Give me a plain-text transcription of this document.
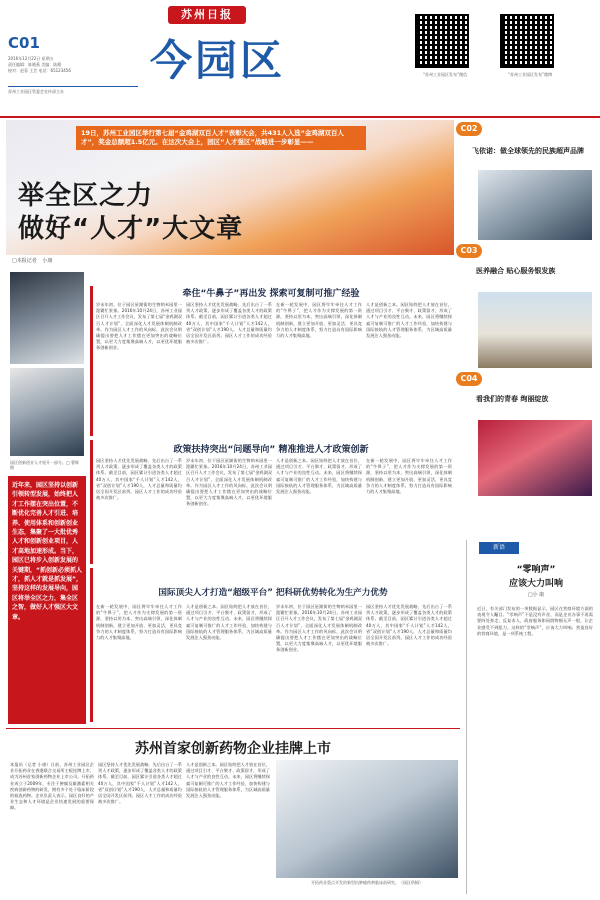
苏州日报
今园区
C01
2016年12月22日 星期五
责任编辑：陈晓燕 美编：陆健
校对：赵蓉 王芸 电话：65123456
苏州工业园区管委会宣传部主办
“苏州工业园区发布”微信	“苏州工业园区发布”微博
19日，苏州工业园区举行第七届“金鸡湖双百人才”表彰大会，共431人入选“金鸡湖双百人才”，奖金总额超1.5亿元。在这次大会上，园区“人才强区”战略进一步彰显——
举全区之力
做好“人才”大文章
□本报记者 小康
园区创新创业人才展开一部分。□ 曹辉 摄
近年来，园区坚持以创新引领转型发展，始终把人才工作摆在突出位置，不断优化完善人才引进、培养、使用体系和创新创业生态，集聚了一大批优秀人才和创新创业项目，人才高地加速形成。当下，园区已将步入创新发展的关键期，“抓创新必须抓人才，抓人才就是抓发展”，坚持这样的发展导向，园区将举全区之力，集全区之智，做好人才强区大文章。
牵住“牛鼻子”再出发 探索可复制可推广经验
岁末年初，位于园区星湖街的生物纳米园里一派繁忙景象。2016年10月24日，苏州工业园区召开人才工作会议，发布了第七届“金鸡湖双百人才计划”，全面深化人才发展体制机制改革。作为园区人才工作的风向标，此次会议明确提出要把人才工作摆在更加突出的战略位置，以更大力度集聚高端人才，以更优环境服务创新创业。
园区坚持人才优先发展战略，先后出台了一系列人才政策，逐步形成了覆盖各类人才的政策体系。截至目前，园区累计引进各类人才超过40万人，其中国家“千人计划”人才142人，省“双创计划”人才190人，人才总量和质量均居全国开发区前列。园区人才工作的成功经验被多次推广。
在新一轮发展中，园区将牢牢牵住人才工作的“牛鼻子”，把人才作为支撑发展的第一资源，坚持以用为本，突出高端引领，深化体制机制创新，建立更加开放、更加灵活、更具竞争力的人才制度体系，努力打造具有国际影响力的人才集聚高地。
人才是创新之本。园区始终把人才放在首位，通过项目引才、平台聚才、政策留才，形成了人才与产业的良性互动。未来，园区将继续探索可复制可推广的人才工作经验，加快构建与国际接轨的人才管理服务体系，为区域高质量发展注入强劲动能。
政策扶持突出“问题导向” 精准推进人才政策创新
园区坚持人才优先发展战略，先后出台了一系列人才政策，逐步形成了覆盖各类人才的政策体系。截至目前，园区累计引进各类人才超过40万人，其中国家“千人计划”人才142人，省“双创计划”人才190人，人才总量和质量均居全国开发区前列。园区人才工作的成功经验被多次推广。
岁末年初，位于园区星湖街的生物纳米园里一派繁忙景象。2016年10月24日，苏州工业园区召开人才工作会议，发布了第七届“金鸡湖双百人才计划”，全面深化人才发展体制机制改革。作为园区人才工作的风向标，此次会议明确提出要把人才工作摆在更加突出的战略位置，以更大力度集聚高端人才，以更优环境服务创新创业。
人才是创新之本。园区始终把人才放在首位，通过项目引才、平台聚才、政策留才，形成了人才与产业的良性互动。未来，园区将继续探索可复制可推广的人才工作经验，加快构建与国际接轨的人才管理服务体系，为区域高质量发展注入强劲动能。
在新一轮发展中，园区将牢牢牵住人才工作的“牛鼻子”，把人才作为支撑发展的第一资源，坚持以用为本，突出高端引领，深化体制机制创新，建立更加开放、更加灵活、更具竞争力的人才制度体系，努力打造具有国际影响力的人才集聚高地。
国际顶尖人才打造“超级平台” 把科研优势转化为生产力优势
在新一轮发展中，园区将牢牢牵住人才工作的“牛鼻子”，把人才作为支撑发展的第一资源，坚持以用为本，突出高端引领，深化体制机制创新，建立更加开放、更加灵活、更具竞争力的人才制度体系，努力打造具有国际影响力的人才集聚高地。
人才是创新之本。园区始终把人才放在首位，通过项目引才、平台聚才、政策留才，形成了人才与产业的良性互动。未来，园区将继续探索可复制可推广的人才工作经验，加快构建与国际接轨的人才管理服务体系，为区域高质量发展注入强劲动能。
岁末年初，位于园区星湖街的生物纳米园里一派繁忙景象。2016年10月24日，苏州工业园区召开人才工作会议，发布了第七届“金鸡湖双百人才计划”，全面深化人才发展体制机制改革。作为园区人才工作的风向标，此次会议明确提出要把人才工作摆在更加突出的战略位置，以更大力度集聚高端人才，以更优环境服务创新创业。
园区坚持人才优先发展战略，先后出台了一系列人才政策，逐步形成了覆盖各类人才的政策体系。截至目前，园区累计引进各类人才超过40万人，其中国家“千人计划”人才142人，省“双创计划”人才190人，人才总量和质量均居全国开发区前列。园区人才工作的成功经验被多次推广。
C02
飞依诺：做全球领先的民族超声品牌
C03
医养融合 贴心服务银发族
C04
看我们的青春 绚丽绽放
新语
“零响声”
应该大力叫响
□小 康
近日，有关部门发布的一项数据显示，园区在营商环境方面的表现令人瞩目。“零响声”不是没有声音，而是企业办事不再需要四处奔走、反复求人，政府服务如同润物细无声一般，让企业感受不到阻力。这样的“零响声”，应该大力叫响。营造良好的营商环境，是一项系统工程。
苏州首家创新药物企业挂牌上市
本报讯（记者 小康）日前，苏州工业园区企业开拓药业在香港联合交易所主板挂牌上市，成为苏州首家创新药物企业上市公司。开拓药业成立于2009年，专注于肿瘤及雄激素相关疾病创新药物的研发，拥有多个处于临床阶段的候选药物。企业负责人表示，园区良好的产业生态和人才环境是企业快速发展的重要保障。
园区坚持人才优先发展战略，先后出台了一系列人才政策，逐步形成了覆盖各类人才的政策体系。截至目前，园区累计引进各类人才超过40万人，其中国家“千人计划”人才142人，省“双创计划”人才190人，人才总量和质量均居全国开发区前列。园区人才工作的成功经验被多次推广。
人才是创新之本。园区始终把人才放在首位，通过项目引才、平台聚才、政策留才，形成了人才与产业的良性互动。未来，园区将继续探索可复制可推广的人才工作经验，加快构建与国际接轨的人才管理服务体系，为区域高质量发展注入强劲动能。
开拓药业重点开发的新型抗肿瘤药剂临床前研究。（园区供稿）
